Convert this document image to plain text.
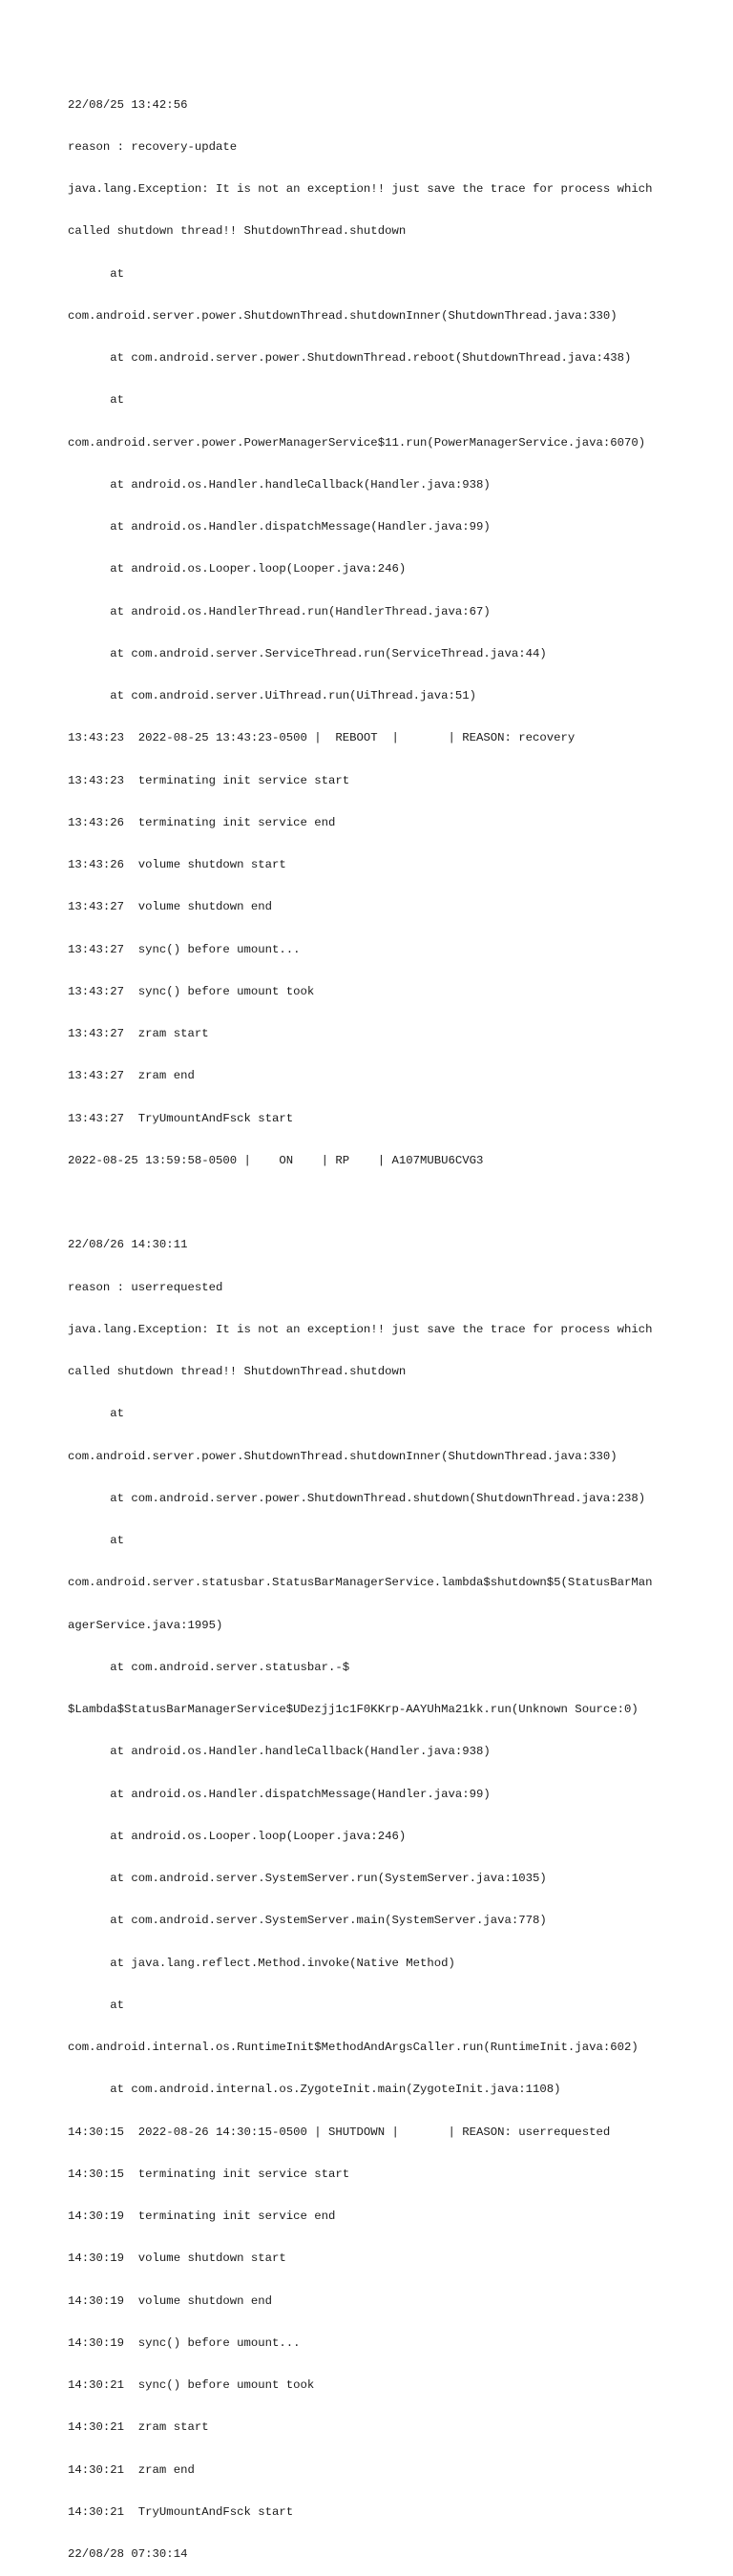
22/08/25 13:42:56

reason : recovery-update

java.lang.Exception: It is not an exception!! just save the trace for process which

called shutdown thread!! ShutdownThread.shutdown

at

com.android.server.power.ShutdownThread.shutdownInner(ShutdownThread.java:330)

at com.android.server.power.ShutdownThread.reboot(ShutdownThread.java:438)

at

com.android.server.power.PowerManagerService$11.run(PowerManagerService.java:6070)

at android.os.Handler.handleCallback(Handler.java:938)

at android.os.Handler.dispatchMessage(Handler.java:99)

at android.os.Looper.loop(Looper.java:246)

at android.os.HandlerThread.run(HandlerThread.java:67)

at com.android.server.ServiceThread.run(ServiceThread.java:44)

at com.android.server.UiThread.run(UiThread.java:51)

13:43:23  2022-08-25 13:43:23-0500 |  REBOOT  |       | REASON: recovery

13:43:23  terminating init service start

13:43:26  terminating init service end

13:43:26  volume shutdown start

13:43:27  volume shutdown end

13:43:27  sync() before umount...

13:43:27  sync() before umount took

13:43:27  zram start

13:43:27  zram end

13:43:27  TryUmountAndFsck start

2022-08-25 13:59:58-0500 |    ON    | RP    | A107MUBU6CVG3

22/08/26 14:30:11

reason : userrequested

java.lang.Exception: It is not an exception!! just save the trace for process which

called shutdown thread!! ShutdownThread.shutdown

at

com.android.server.power.ShutdownThread.shutdownInner(ShutdownThread.java:330)

at com.android.server.power.ShutdownThread.shutdown(ShutdownThread.java:238)

at

com.android.server.statusbar.StatusBarManagerService.lambda$shutdown$5(StatusBarMan

agerService.java:1995)

at com.android.server.statusbar.-$

$Lambda$StatusBarManagerService$UDezjj1c1F0KKrp-AAYUhMa21kk.run(Unknown Source:0)

at android.os.Handler.handleCallback(Handler.java:938)

at android.os.Handler.dispatchMessage(Handler.java:99)

at android.os.Looper.loop(Looper.java:246)

at com.android.server.SystemServer.run(SystemServer.java:1035)

at com.android.server.SystemServer.main(SystemServer.java:778)

at java.lang.reflect.Method.invoke(Native Method)

at

com.android.internal.os.RuntimeInit$MethodAndArgsCaller.run(RuntimeInit.java:602)

at com.android.internal.os.ZygoteInit.main(ZygoteInit.java:1108)

14:30:15  2022-08-26 14:30:15-0500 | SHUTDOWN |       | REASON: userrequested

14:30:15  terminating init service start

14:30:19  terminating init service end

14:30:19  volume shutdown start

14:30:19  volume shutdown end

14:30:19  sync() before umount...

14:30:21  sync() before umount took

14:30:21  zram start

14:30:21  zram end

14:30:21  TryUmountAndFsck start

22/08/28 07:30:14
